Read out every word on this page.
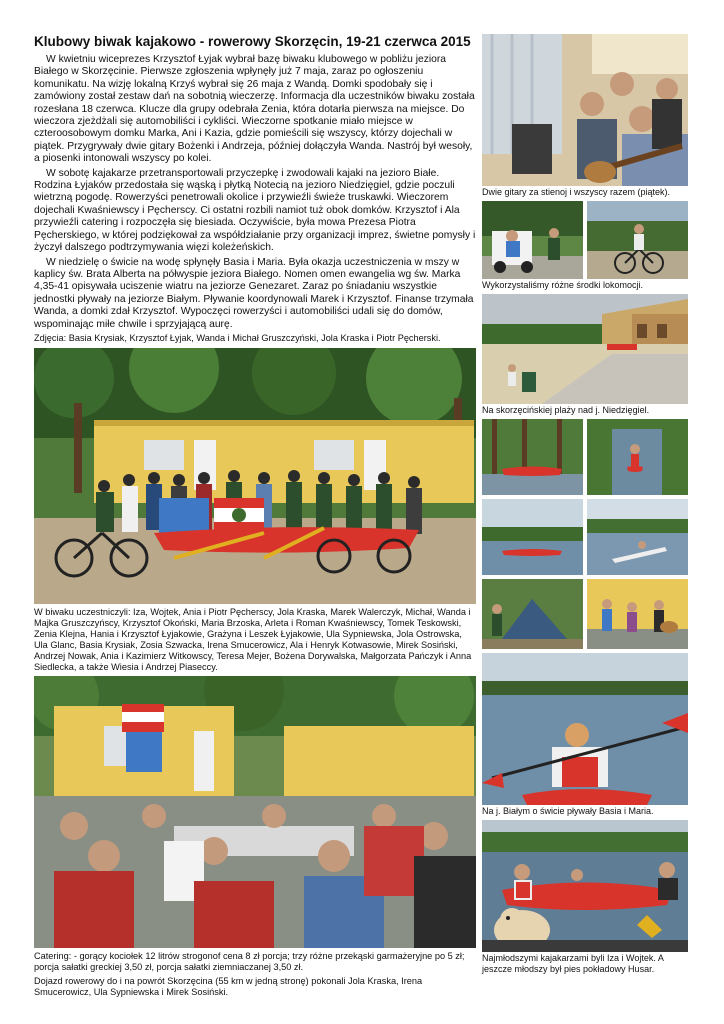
Klubowy biwak kajakowo - rowerowy Skorzęcin, 19-21 czerwca 2015

W kwietniu wiceprezes Krzysztof Łyjak wybrał bazę biwaku klubowego w pobliżu jeziora Białego w Skorzęcinie. Pierwsze zgłoszenia wpłynęły już 7 maja, zaraz po ogłoszeniu komunikatu. Na wizję lokalną Krzyś wybrał się 26 maja z Wandą. Domki spodobały się i zamówiony został zestaw dań na sobotnią wieczerzę. Informacja dla uczestników biwaku została rozesłana 18 czerwca. Klucze dla grupy odebrała Zenia, która dotarła pierwsza na miejsce. Do wieczora zjeżdżali się automobiliści i cykliści. Wieczorne spotkanie miało miejsce w czteroosobowym domku Marka, Ani i Kazia, gdzie pomieścili się wszyscy, którzy dojechali w piątek. Przygrywały dwie gitary Bożenki i Andrzeja, później dołączyła Wanda. Nastrój był wesoły, a piosenki intonowali wszyscy po kolei.

W sobotę kajakarze przetransportowali przyczepkę i zwodowali kajaki na jezioro Białe. Rodzina Łyjaków przedostała się wąską i płytką Notecią na jezioro Niedzięgiel, gdzie poczuli wietrzną pogodę. Rowerzyści penetrowali okolice i przywieźli świeże truskawki. Wieczorem dojechali Kwaśniewscy i Pęcherscy. Ci ostatni rozbili namiot tuż obok domków. Krzysztof i Ala przywieźli catering i rozpoczęła się biesiada. Oczywiście, była mowa Prezesa Piotra Pęcherskiego, w której podziękował za współdziałanie przy organizacji imprez, świetne pomysły i życzył dalszego podtrzymywania więzi koleżeńskich.

W niedzielę o świcie na wodę spłynęły Basia i Maria. Była okazja uczestniczenia w mszy w kaplicy św. Brata Alberta na półwyspie jeziora Białego. Nomen omen ewangelia wg św. Marka 4,35-41 opisywała uciszenie wiatru na jeziorze Genezaret. Zaraz po śniadaniu wszystkie jednostki pływały na jeziorze Białym. Pływanie koordynowali Marek i Krzysztof. Finanse trzymała Wanda, a domki zdał Krzysztof. Wypoczęci rowerzyści i automobiliści udali się do domów, wspominając miłe chwile i sprzyjającą aurę.

Zdjęcia: Basia Krysiak, Krzysztof Łyjak, Wanda i Michał Gruszczyński, Jola Kraska i Piotr Pęcherski.

W biwaku uczestniczyli: Iza, Wojtek, Ania i Piotr Pęcherscy, Jola Kraska, Marek Walerczyk, Michał, Wanda i Majka Gruszczyńscy, Krzysztof Okoński, Maria Brzoska, Arleta i Roman Kwaśniewscy, Tomek Teskowski, Zenia Klejna, Hania i Krzysztof Łyjakowie, Grażyna i Leszek Łyjakowie, Ula Sypniewska, Jola Ostrowska, Ula Glanc, Basia Krysiak, Zosia Szwacka, Irena Smucerowicz, Ala i Henryk Kotwasowie, Mirek Sosiński, Andrzej Nowak, Ania i Kazimierz Witkowscy, Teresa Mejer, Bożena Dorywalska, Małgorzata Pańczyk i Anna Siedlecka, a także Wiesia i Andrzej Piaseccy.

Catering: - gorący kociołek 12 litrów strogonof cena 8 zł porcja; trzy różne przekąski garmażeryjne po 5 zł; porcja sałatki greckiej 3,50 zł, porcja sałatki ziemniaczanej 3,50 zł.

Dojazd rowerowy do i na powrót Skorzęcina (55 km w jedną stronę) pokonali Jola Kraska, Irena Smucerowicz, Ula Sypniewska i Mirek Sosiński.

Dwie gitary za stienoj i wszyscy razem (piątek).

Wykorzystaliśmy różne środki lokomocji.

Na skorzęcińskiej plaży nad j. Niedzięgiel.

Na j. Białym o świcie pływały Basia i Maria.

Najmłodszymi kajakarzami byli Iza i Wojtek. A jeszcze młodszy był pies pokładowy Husar.
